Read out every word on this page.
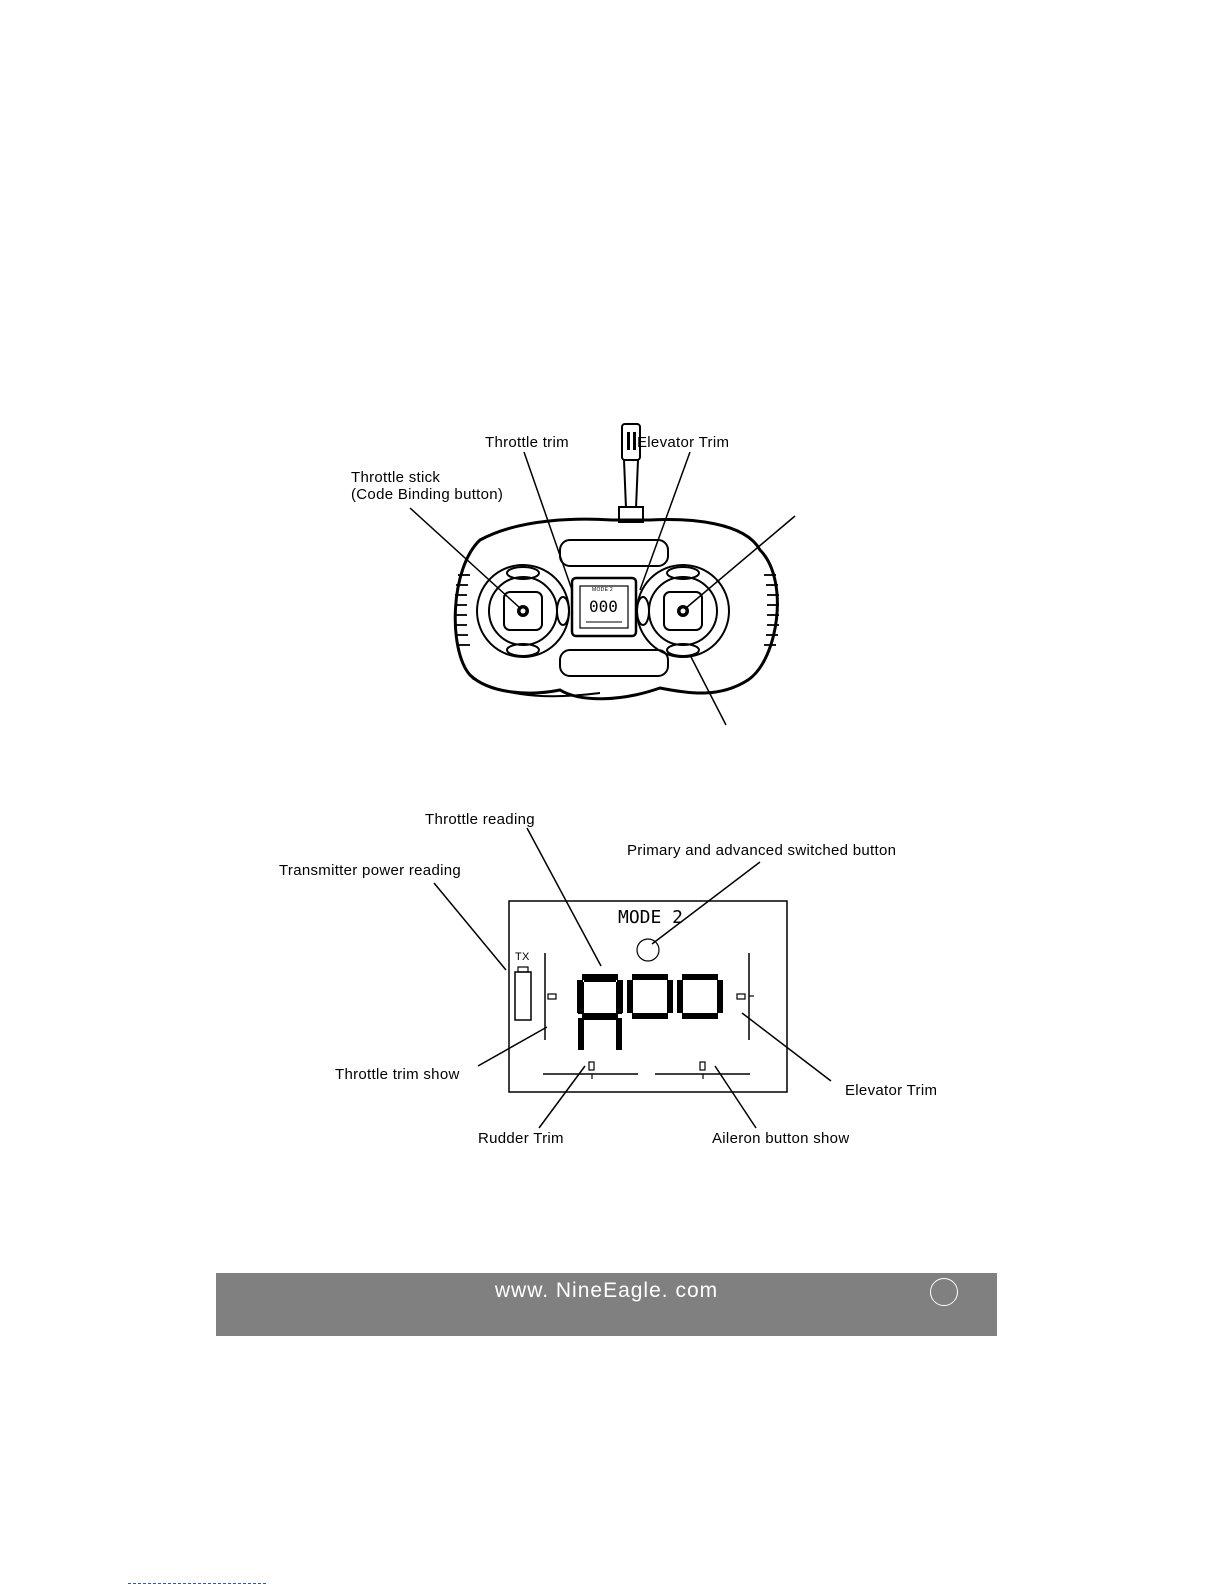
MODE 2
000
Throttle stick
(Code Binding button)
Throttle trim	Elevator Trim
Throttle reading
Primary and advanced switched button
Transmitter power reading
Throttle trim show
Elevator Trim
Rudder Trim	Aileron button show
MODE 2
TX
www. NineEagle. com
